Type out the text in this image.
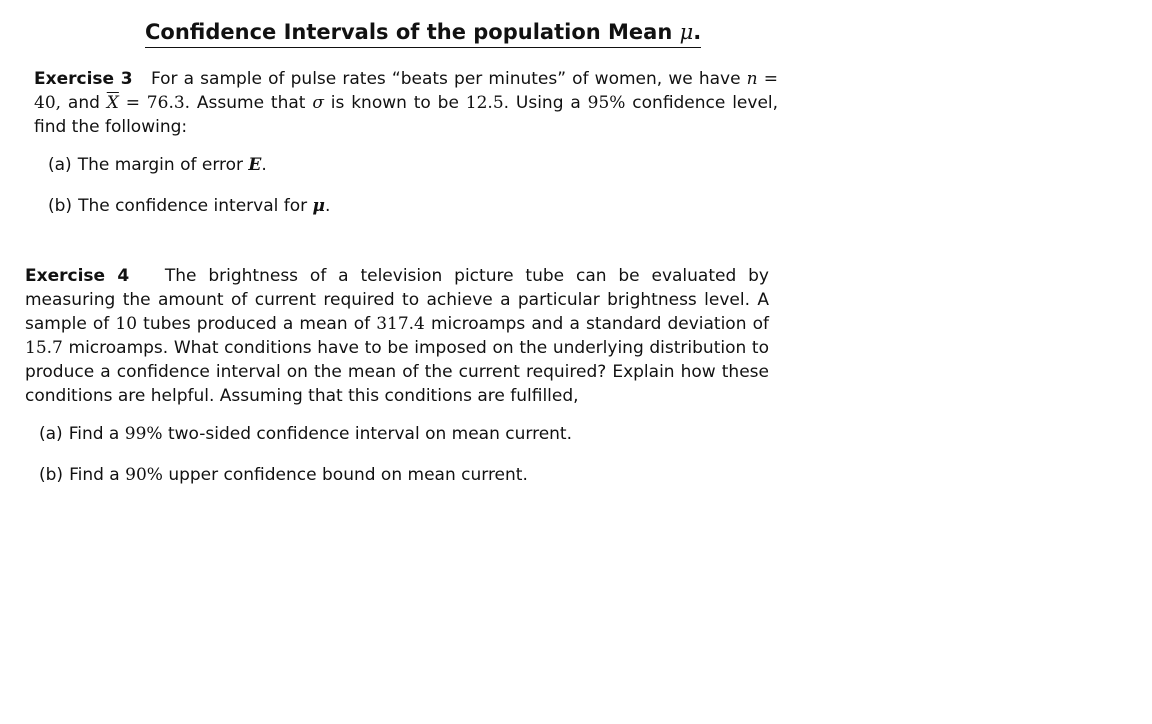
Confidence Intervals of the population Mean μ.

Exercise 3 For a sample of pulse rates “beats per minutes” of women, we have n = 40, and $\overline{X} = 76.3$. Assume that σ is known to be 12.5. Using a 95% confidence level, find the following:

(a) The margin of error E.
(b) The confidence interval for μ.

Exercise 4 The brightness of a television picture tube can be evaluated by measuring the amount of current required to achieve a particular brightness level. A sample of 10 tubes produced a mean of 317.4 microamps and a standard deviation of 15.7 microamps. What conditions have to be imposed on the underlying distribution to produce a confidence interval on the mean of the current required? Explain how these conditions are helpful. Assuming that this conditions are fulfilled,

(a) Find a 99% two-sided confidence interval on mean current.
(b) Find a 90% upper confidence bound on mean current.
